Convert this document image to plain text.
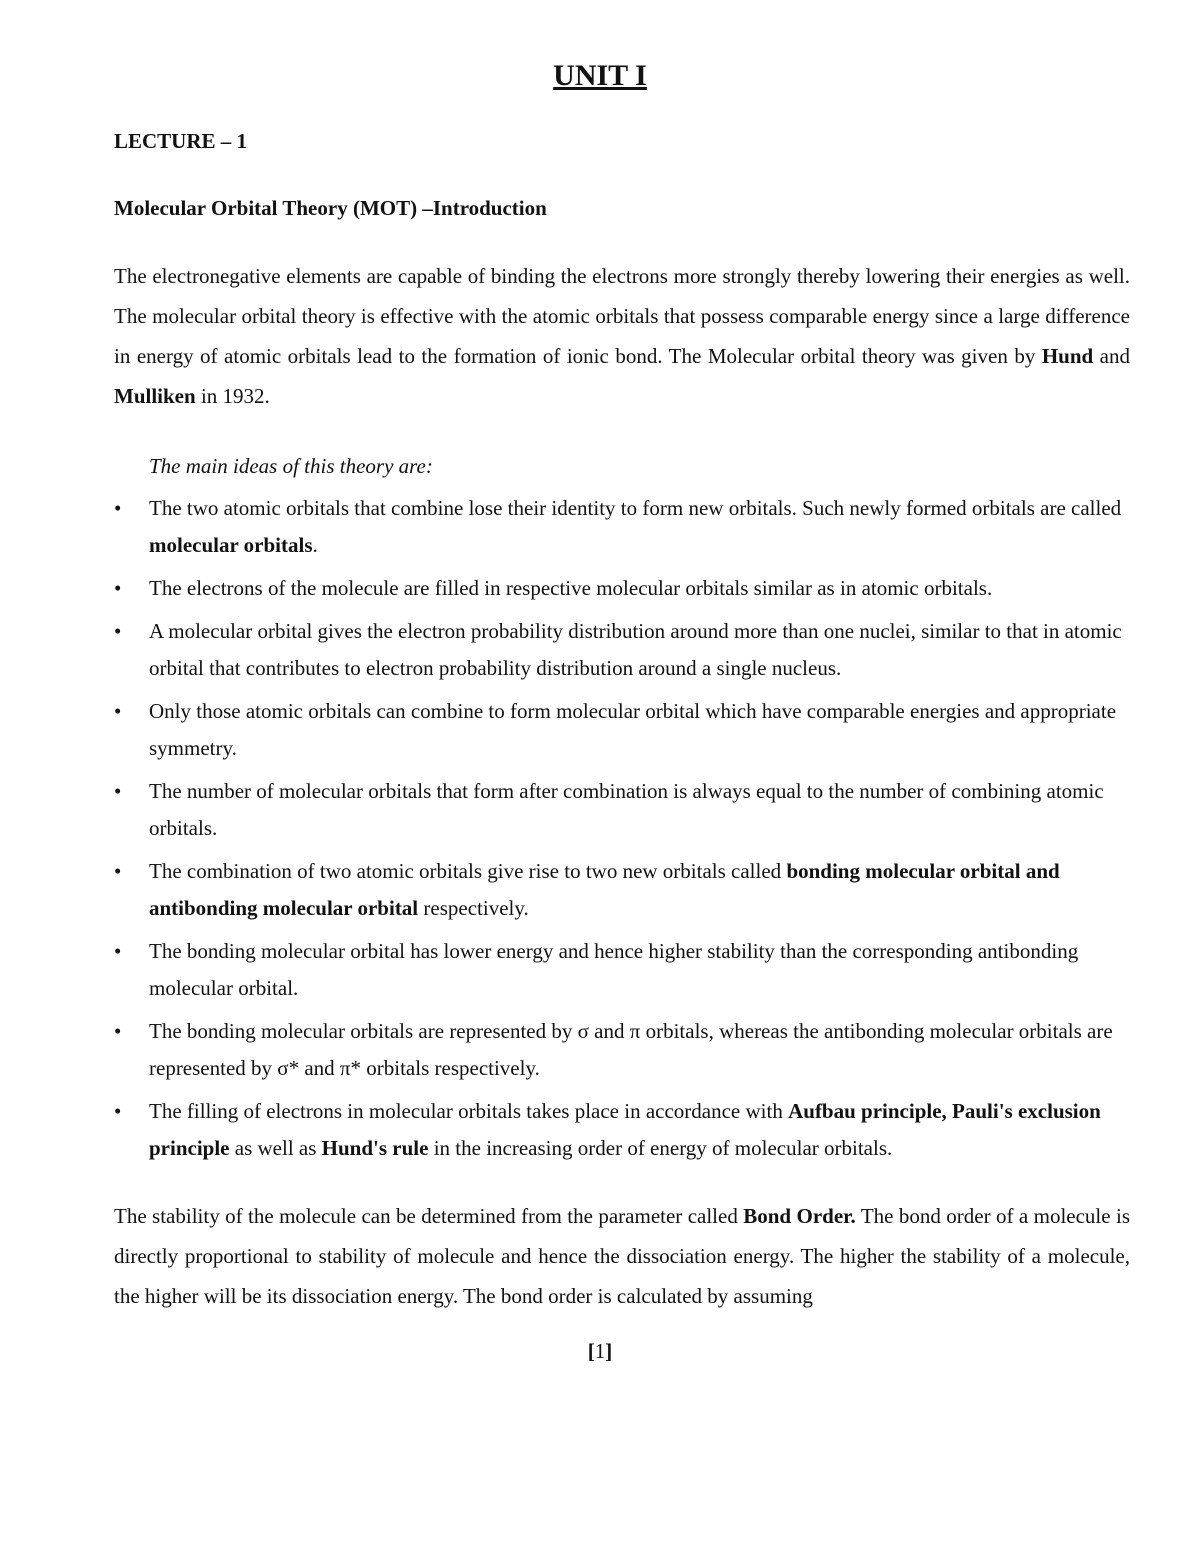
UNIT I
LECTURE – 1
Molecular Orbital Theory (MOT) –Introduction

The electronegative elements are capable of binding the electrons more strongly thereby lowering their energies as well. The molecular orbital theory is effective with the atomic orbitals that possess comparable energy since a large difference in energy of atomic orbitals lead to the formation of ionic bond. The Molecular orbital theory was given by Hund and Mulliken in 1932.

The main ideas of this theory are:
•	The two atomic orbitals that combine lose their identity to form new orbitals. Such newly formed orbitals are called molecular orbitals.
•	The electrons of the molecule are filled in respective molecular orbitals similar as in atomic orbitals.
•	A molecular orbital gives the electron probability distribution around more than one nuclei, similar to that in atomic orbital that contributes to electron probability distribution around a single nucleus.
•	Only those atomic orbitals can combine to form molecular orbital which have comparable energies and appropriate symmetry.
•	The number of molecular orbitals that form after combination is always equal to the number of combining atomic orbitals.
•	The combination of two atomic orbitals give rise to two new orbitals called bonding molecular orbital and antibonding molecular orbital respectively.
•	The bonding molecular orbital has lower energy and hence higher stability than the corresponding antibonding molecular orbital.
•	The bonding molecular orbitals are represented by σ and π orbitals, whereas the antibonding molecular orbitals are represented by σ* and π* orbitals respectively.
•	The filling of electrons in molecular orbitals takes place in accordance with Aufbau principle, Pauli's exclusion principle as well as Hund's rule in the increasing order of energy of molecular orbitals.

The stability of the molecule can be determined from the parameter called Bond Order. The bond order of a molecule is directly proportional to stability of molecule and hence the dissociation energy. The higher the stability of a molecule, the higher will be its dissociation energy. The bond order is calculated by assuming

[1]
